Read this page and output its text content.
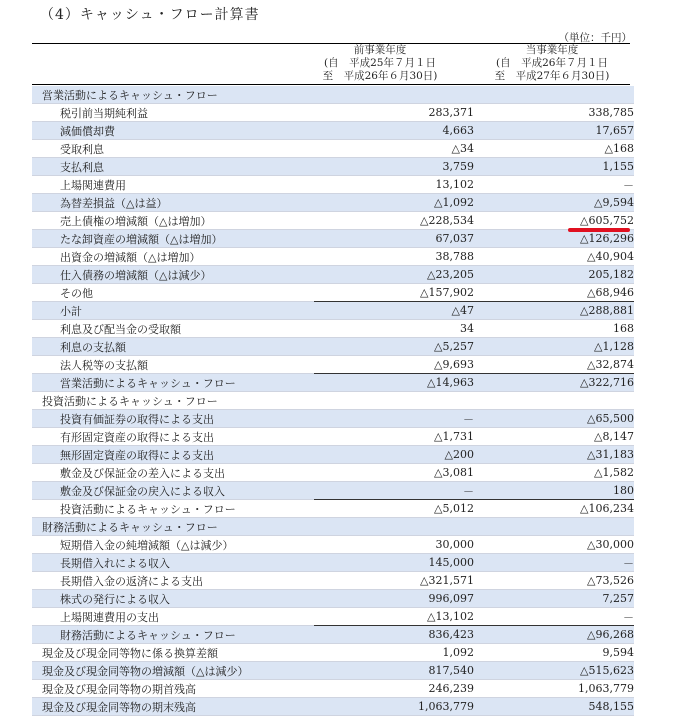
（4）キャッシュ・フロー計算書
（単位：千円）
前事業年度
(自　平成25年７月１日
至　平成26年６月30日)
当事業年度
(自　平成26年７月１日
至　平成27年６月30日)
営業活動によるキャッシュ・フロー			
税引前当期純利益		283,371	338,785
減価償却費		4,663	17,657
受取利息		△34	△168
支払利息		3,759	1,155
上場関連費用		13,102	－
為替差損益（△は益）		△1,092	△9,594
売上債権の増減額（△は増加）		△228,534	△605,752
たな卸資産の増減額（△は増加）		67,037	△126,296
出資金の増減額（△は増加）		38,788	△40,904
仕入債務の増減額（△は減少）		△23,205	205,182
その他		△157,902	△68,946
小計		△47	△288,881
利息及び配当金の受取額		34	168
利息の支払額		△5,257	△1,128
法人税等の支払額		△9,693	△32,874
営業活動によるキャッシュ・フロー		△14,963	△322,716
投資活動によるキャッシュ・フロー			
投資有価証券の取得による支出		－	△65,500
有形固定資産の取得による支出		△1,731	△8,147
無形固定資産の取得による支出		△200	△31,183
敷金及び保証金の差入による支出		△3,081	△1,582
敷金及び保証金の戻入による収入		－	180
投資活動によるキャッシュ・フロー		△5,012	△106,234
財務活動によるキャッシュ・フロー			
短期借入金の純増減額（△は減少）		30,000	△30,000
長期借入れによる収入		145,000	－
長期借入金の返済による支出		△321,571	△73,526
株式の発行による収入		996,097	7,257
上場関連費用の支出		△13,102	－
財務活動によるキャッシュ・フロー		836,423	△96,268
現金及び現金同等物に係る換算差額		1,092	9,594
現金及び現金同等物の増減額（△は減少）		817,540	△515,623
現金及び現金同等物の期首残高		246,239	1,063,779
現金及び現金同等物の期末残高		1,063,779	548,155
